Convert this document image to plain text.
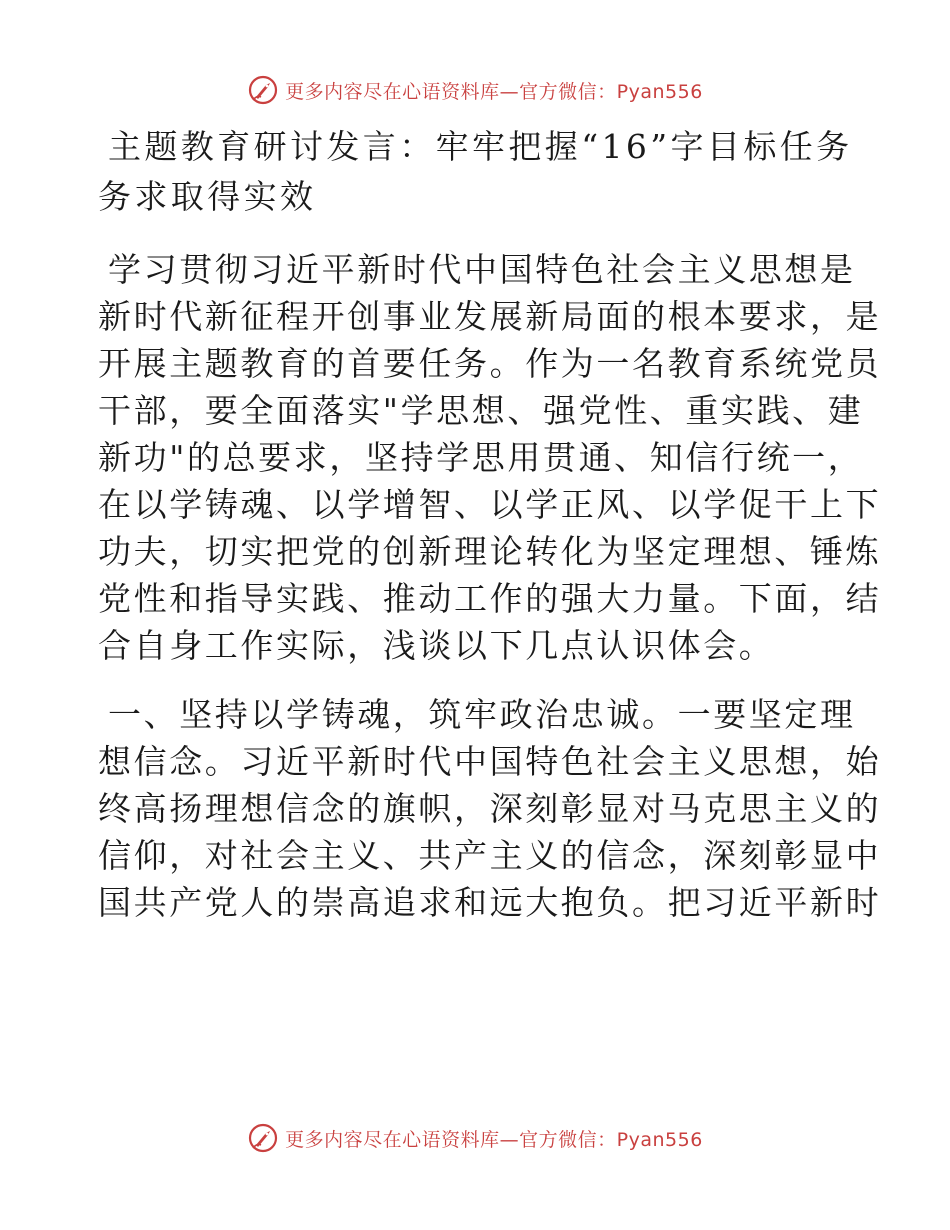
更多内容尽在心语资料库—官方微信：Pyan556
主题教育研讨发言：牢牢把握“16”字目标任务
务求取得实效

学习贯彻习近平新时代中国特色社会主义思想是
新时代新征程开创事业发展新局面的根本要求，是
开展主题教育的首要任务。作为一名教育系统党员
干部，要全面落实"学思想、强党性、重实践、建
新功"的总要求，坚持学思用贯通、知信行统一，
在以学铸魂、以学增智、以学正风、以学促干上下
功夫，切实把党的创新理论转化为坚定理想、锤炼
党性和指导实践、推动工作的强大力量。下面，结
合自身工作实际，浅谈以下几点认识体会。

一、坚持以学铸魂，筑牢政治忠诚。一要坚定理
想信念。习近平新时代中国特色社会主义思想，始
终高扬理想信念的旗帜，深刻彰显对马克思主义的
信仰，对社会主义、共产主义的信念，深刻彰显中
国共产党人的崇高追求和远大抱负。把习近平新时

更多内容尽在心语资料库—官方微信：Pyan556
